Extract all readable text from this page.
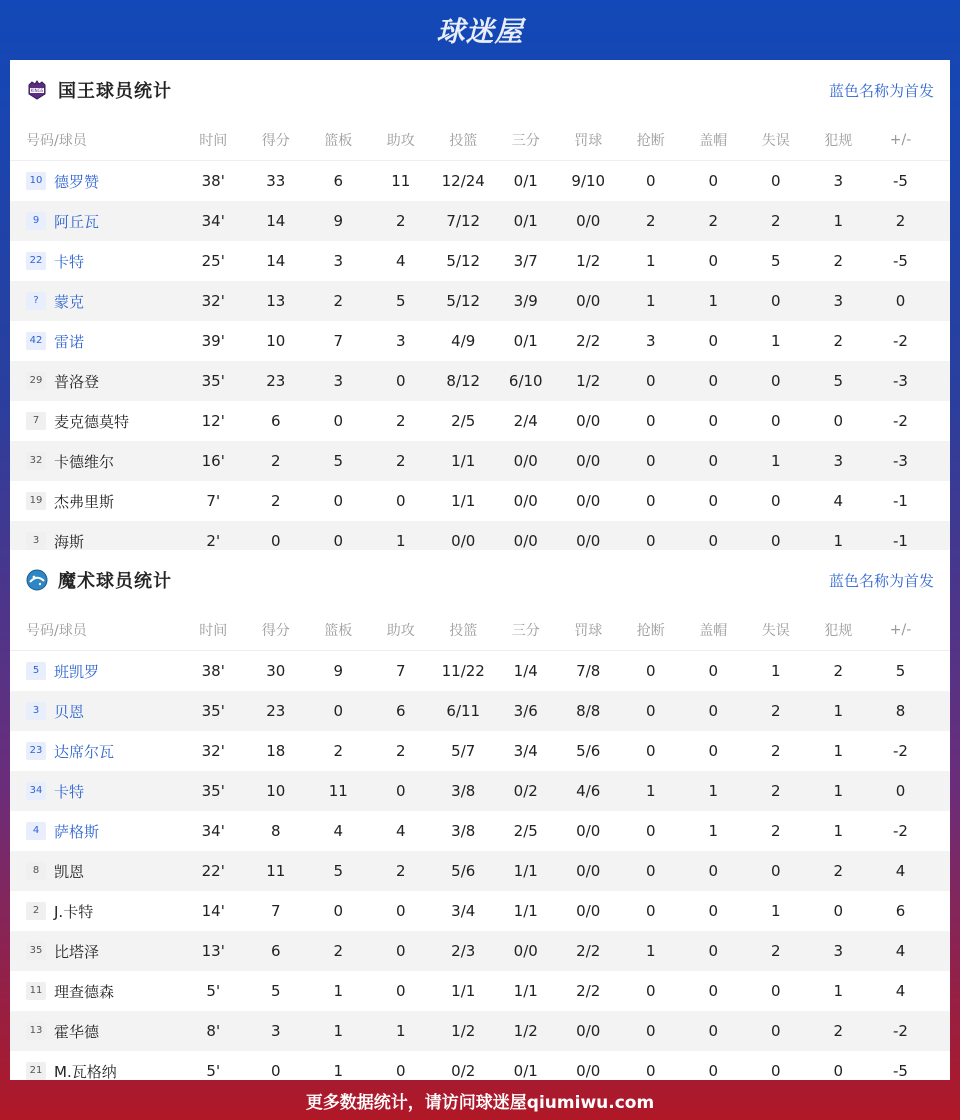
球迷屋
KINGS 国王球员统计	蓝色名称为首发
号码/球员	时间	得分	篮板	助攻	投篮	三分	罚球	抢断	盖帽	失误	犯规	+/-
10 德罗赞	38'	33	6	11	12/24	0/1	9/10	0	0	0	3	-5
9 阿丘瓦	34'	14	9	2	7/12	0/1	0/0	2	2	2	1	2
22 卡特	25'	14	3	4	5/12	3/7	1/2	1	0	5	2	-5
?	蒙克	32'	13	2	5	5/12	3/9	0/0	1	1	0	3	0
42 雷诺	39'	10	7	3	4/9	0/1	2/2	3	0	1	2	-2
29 普洛登	35'	23	3	0	8/12	6/10	1/2	0	0	0	5	-3
7 麦克德莫特	12'	6	0	2	2/5	2/4	0/0	0	0	0	0	-2
32 卡德维尔	16'	2	5	2	1/1	0/0	0/0	0	0	1	3	-3
19 杰弗里斯	7'	2	0	0	1/1	0/0	0/0	0	0	0	4	-1
3 海斯	2'	0	0	1	0/0	0/0	0/0	0	0	0	1	-1
魔术球员统计	蓝色名称为首发
号码/球员	时间	得分	篮板	助攻	投篮	三分	罚球	抢断	盖帽	失误	犯规	+/-
5 班凯罗	38'	30	9	7	11/22	1/4	7/8	0	0	1	2	5
3 贝恩	35'	23	0	6	6/11	3/6	8/8	0	0	2	1	8
23 达席尔瓦	32'	18	2	2	5/7	3/4	5/6	0	0	2	1	-2
34 卡特	35'	10	11	0	3/8	0/2	4/6	1	1	2	1	0
4 萨格斯	34'	8	4	4	3/8	2/5	0/0	0	1	2	1	-2
8 凯恩	22'	11	5	2	5/6	1/1	0/0	0	0	0	2	4
2 J.卡特	14'	7	0	0	3/4	1/1	0/0	0	0	1	0	6
35 比塔泽	13'	6	2	0	2/3	0/0	2/2	1	0	2	3	4
11 理查德森	5'	5	1	0	1/1	1/1	2/2	0	0	0	1	4
13 霍华德	8'	3	1	1	1/2	1/2	0/0	0	0	0	2	-2
21 M.瓦格纳	5'	0	1	0	0/2	0/1	0/0	0	0	0	0	-5
更多数据统计，请访问球迷屋qiumiwu.com
